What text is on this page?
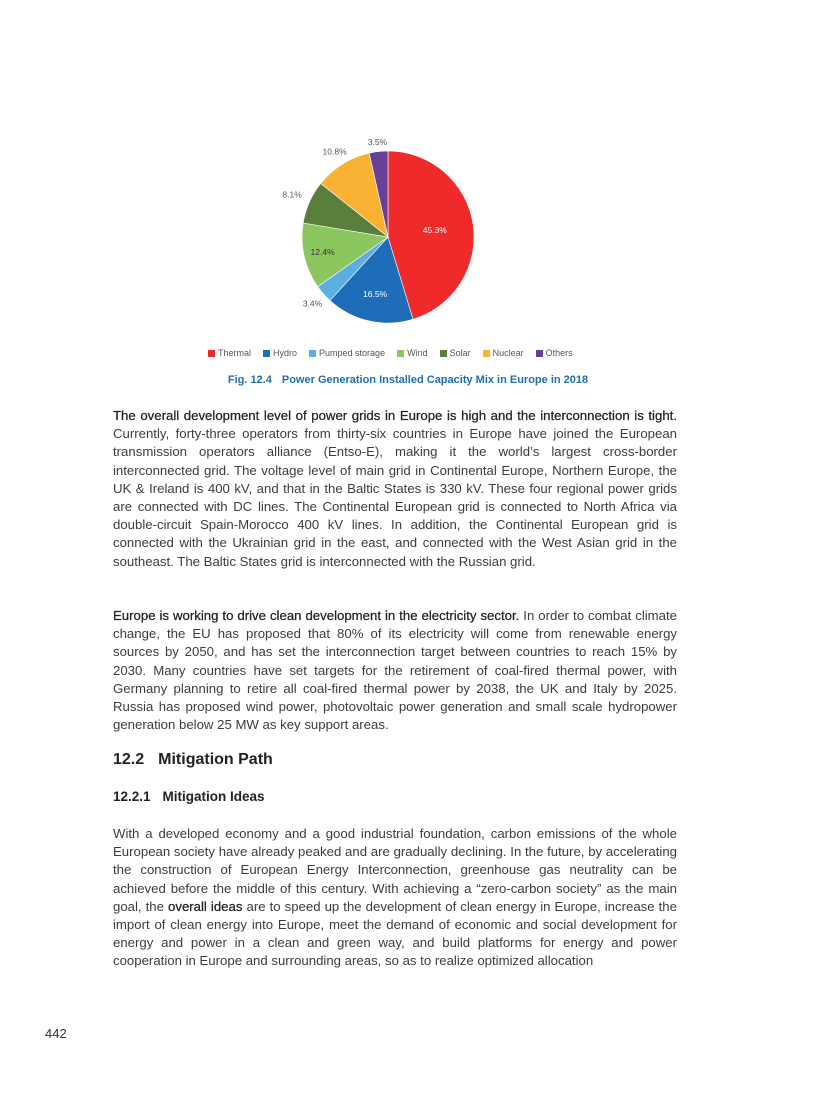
45.3%
16.5%
3.4%
12.4%
8.1%
10.8%
3.5%
Thermal Hydro Pumped storage Wind Solar Nuclear Others
Fig. 12.4 Power Generation Installed Capacity Mix in Europe in 2018

The overall development level of power grids in Europe is high and the interconnection is tight. Currently, forty-three operators from thirty-six countries in Europe have joined the European transmission operators alliance (Entso-E), making it the world’s largest cross-border interconnected grid. The voltage level of main grid in Continental Europe, Northern Europe, the UK & Ireland is 400 kV, and that in the Baltic States is 330 kV. These four regional power grids are connected with DC lines. The Continental European grid is connected to North Africa via double-circuit Spain-Morocco 400 kV lines. In addition, the Continental European grid is connected with the Ukrainian grid in the east, and connected with the West Asian grid in the southeast. The Baltic States grid is interconnected with the Russian grid.

Europe is working to drive clean development in the electricity sector. In order to combat climate change, the EU has proposed that 80% of its electricity will come from renewable energy sources by 2050, and has set the interconnection target between countries to reach 15% by 2030. Many countries have set targets for the retirement of coal-fired thermal power, with Germany planning to retire all coal-fired thermal power by 2038, the UK and Italy by 2025. Russia has proposed wind power, photovoltaic power generation and small scale hydropower generation below 25 MW as key support areas.

12.2 Mitigation Path
12.2.1 Mitigation Ideas

With a developed economy and a good industrial foundation, carbon emissions of the whole European society have already peaked and are gradually declining. In the future, by accelerating the construction of European Energy Interconnection, greenhouse gas neutrality can be achieved before the middle of this century. With achieving a “zero-carbon society” as the main goal, the overall ideas are to speed up the development of clean energy in Europe, increase the import of clean energy into Europe, meet the demand of economic and social development for energy and power in a clean and green way, and build platforms for energy and power cooperation in Europe and surrounding areas, so as to realize optimized allocation

442
